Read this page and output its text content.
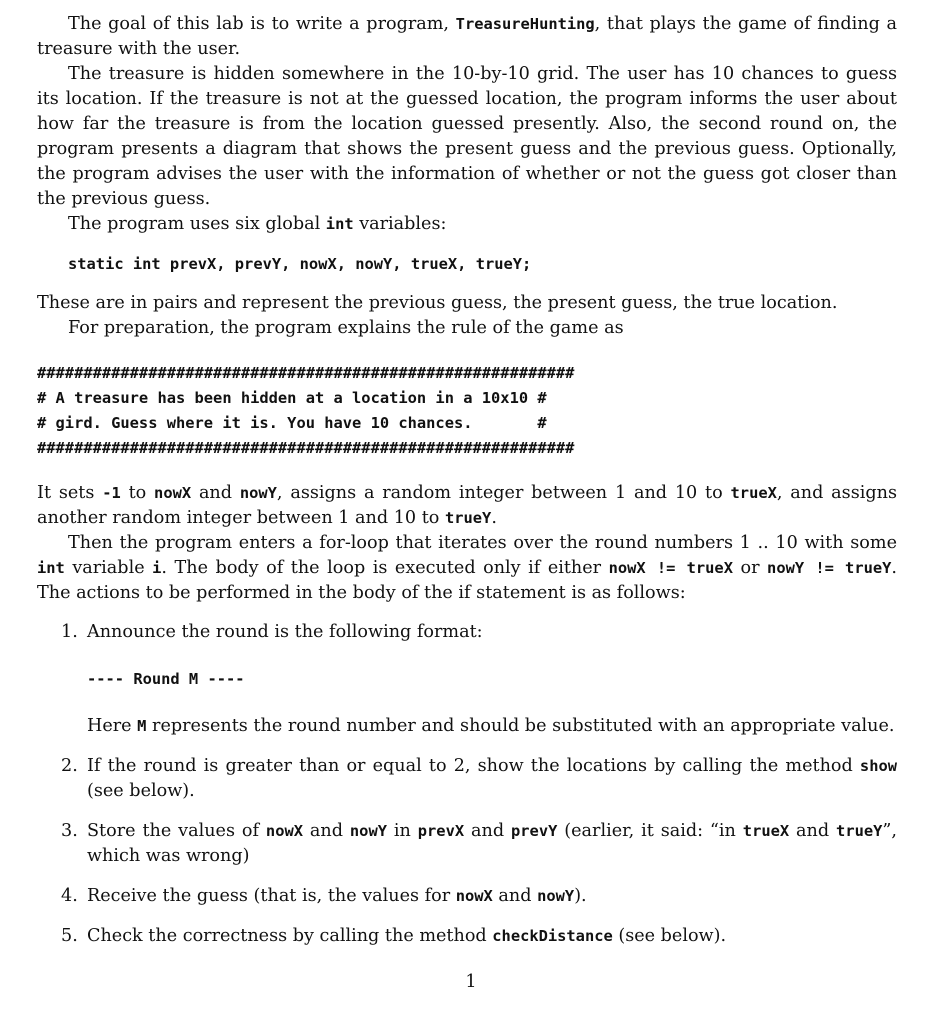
The goal of this lab is to write a program, TreasureHunting, that plays the game of finding a treasure with the user.

The treasure is hidden somewhere in the 10-by-10 grid. The user has 10 chances to guess its location. If the treasure is not at the guessed location, the program informs the user about how far the treasure is from the location guessed presently. Also, the second round on, the program presents a diagram that shows the present guess and the previous guess. Optionally, the program advises the user with the information of whether or not the guess got closer than the previous guess.

The program uses six global int variables:

static int prevX, prevY, nowX, nowY, trueX, trueY;

These are in pairs and represent the previous guess, the present guess, the true location.

For preparation, the program explains the rule of the game as

##########################################################
# A treasure has been hidden at a location in a 10x10 #
# gird. Guess where it is. You have 10 chances.       #
##########################################################

It sets -1 to nowX and nowY, assigns a random integer between 1 and 10 to trueX, and assigns another random integer between 1 and 10 to trueY.

Then the program enters a for-loop that iterates over the round numbers 1 .. 10 with some int variable i. The body of the loop is executed only if either nowX != trueX or nowY != trueY. The actions to be performed in the body of the if statement is as follows:

1. Announce the round is the following format:
---- Round M ----
Here M represents the round number and should be substituted with an appropriate value.
2. If the round is greater than or equal to 2, show the locations by calling the method show (see below).
3. Store the values of nowX and nowY in prevX and prevY (earlier, it said: “in trueX and trueY”, which was wrong)
4. Receive the guess (that is, the values for nowX and nowY).
5. Check the correctness by calling the method checkDistance (see below).
1
